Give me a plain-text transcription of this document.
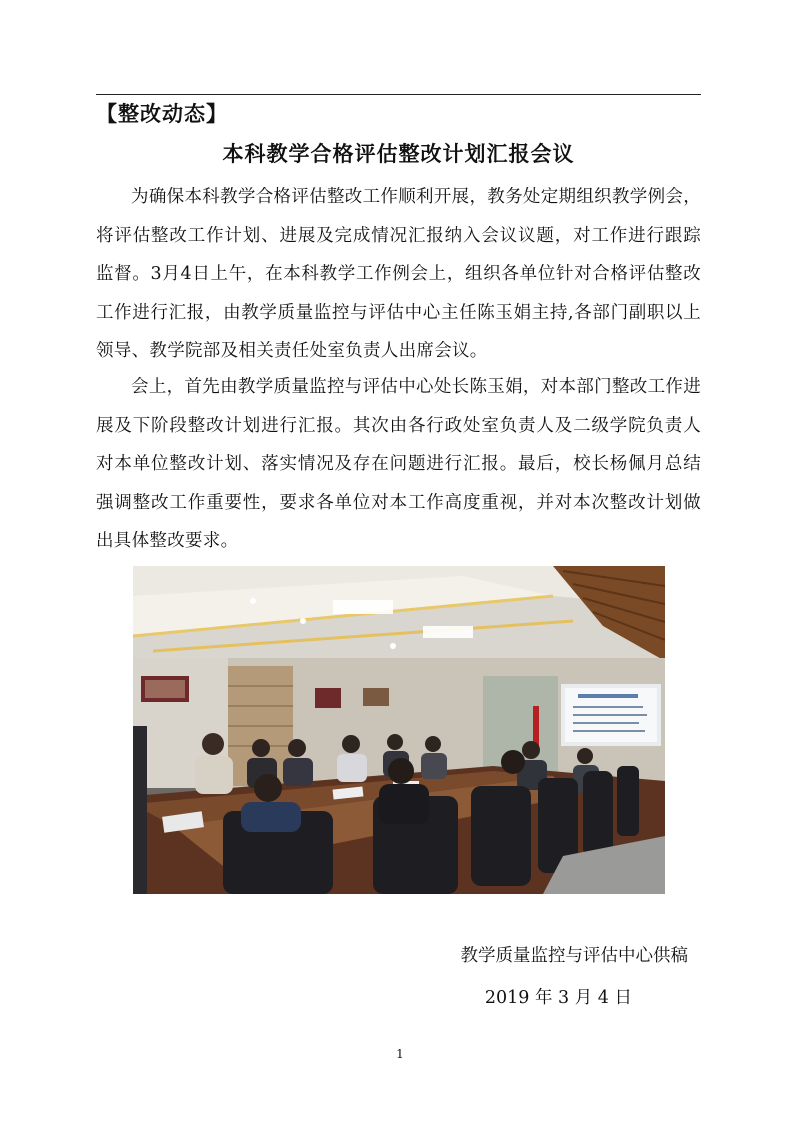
【整改动态】
本科教学合格评估整改计划汇报会议

为确保本科教学合格评估整改工作顺利开展，教务处定期组织教学例会，将评估整改工作计划、进展及完成情况汇报纳入会议议题，对工作进行跟踪监督。3月4日上午，在本科教学工作例会上，组织各单位针对合格评估整改工作进行汇报，由教学质量监控与评估中心主任陈玉娟主持,各部门副职以上领导、教学院部及相关责任处室负责人出席会议。

会上，首先由教学质量监控与评估中心处长陈玉娟，对本部门整改工作进展及下阶段整改计划进行汇报。其次由各行政处室负责人及二级学院负责人对本单位整改计划、落实情况及存在问题进行汇报。最后，校长杨佩月总结强调整改工作重要性，要求各单位对本工作高度重视，并对本次整改计划做出具体整改要求。

教学质量监控与评估中心供稿
2019 年 3 月 4 日
1
